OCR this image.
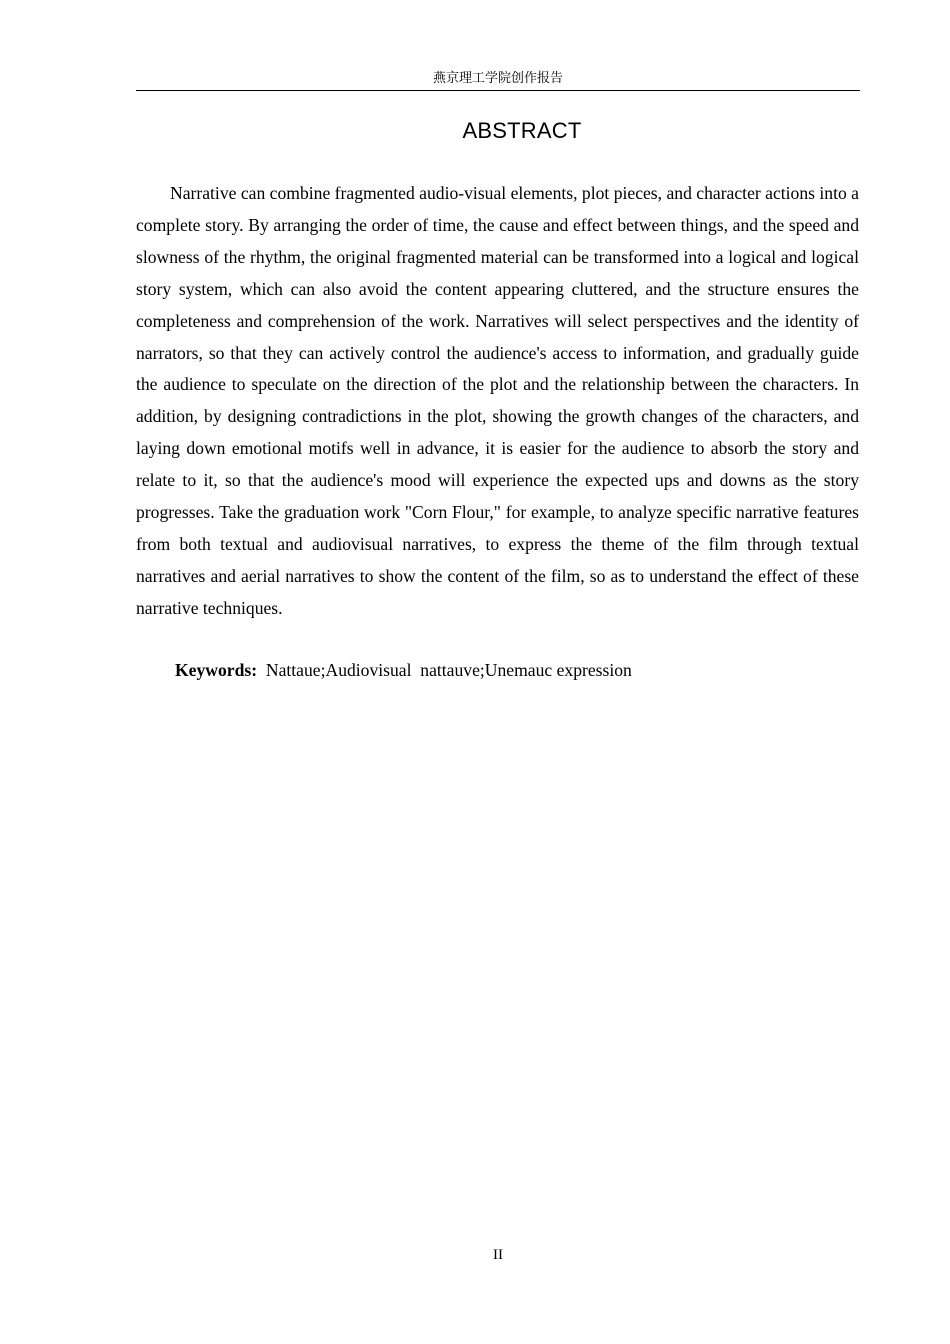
燕京理工学院创作报告
ABSTRACT

Narrative can combine fragmented audio-visual elements, plot pieces, and character actions into a complete story. By arranging the order of time, the cause and effect between things, and the speed and slowness of the rhythm, the original fragmented material can be transformed into a logical and logical story system, which can also avoid the content appearing cluttered, and the structure ensures the completeness and comprehension of the work. Narratives will select perspectives and the identity of narrators, so that they can actively control the audience's access to information, and gradually guide the audience to speculate on the direction of the plot and the relationship between the characters. In addition, by designing contradictions in the plot, showing the growth changes of the characters, and laying down emotional motifs well in advance, it is easier for the audience to absorb the story and relate to it, so that the audience's mood will experience the expected ups and downs as the story progresses. Take the graduation work "Corn Flour," for example, to analyze specific narrative features from both textual and audiovisual narratives, to express the theme of the film through textual narratives and aerial narratives to show the content of the film, so as to understand the effect of these narrative techniques.

Keywords: Nattaue;Audiovisual  nattauve;Unemauc expression
II
